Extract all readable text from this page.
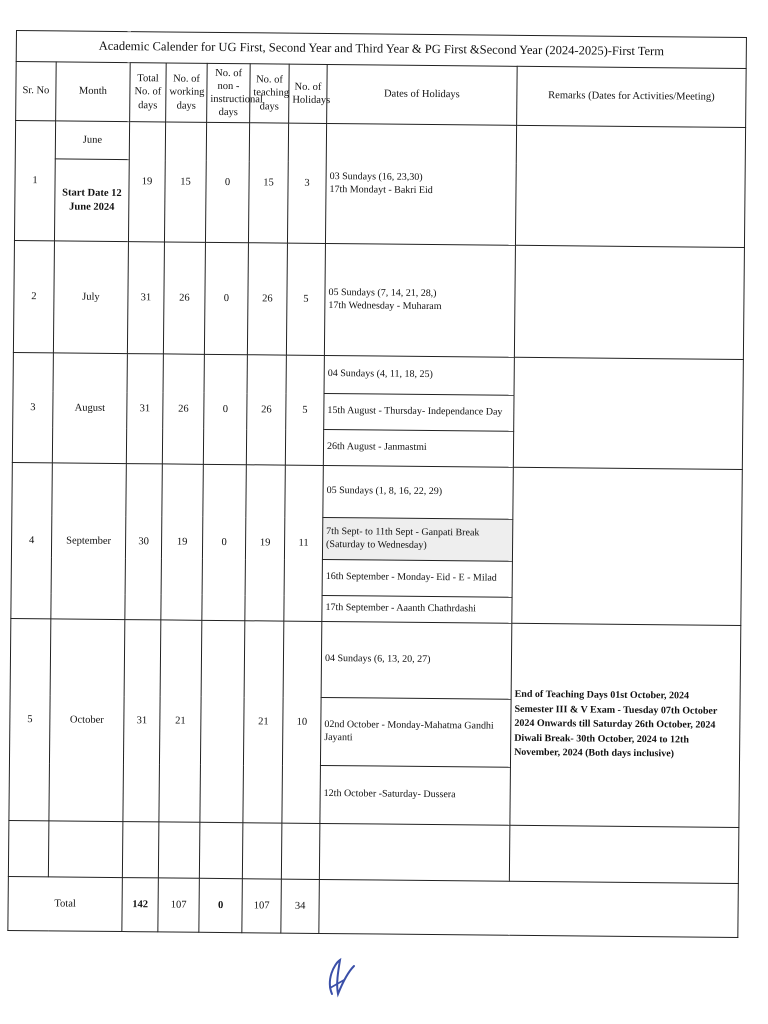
Academic Calender for UG First, Second Year and Third Year & PG First &Second Year (2024-2025)-First Term								
Sr. No	Month	Total No. of days	No. of working days	No. of non - instructional days	No. of teaching days	No. of Holidays	Dates of Holidays	Remarks (Dates for Activities/Meeting)
1	June	19	15	0	15	3	03 Sundays (16, 23,30)
17th Mondayt - Bakri Eid	

	Start Date 12 June 2024							
2	July	31	26	0	26	5	05 Sundays (7, 14, 21, 28,)
17th Wednesday - Muharam	

3	August	31	26	0	26	5	04 Sundays (4, 11, 18, 25)	
							15th August - Thursday- Independance Day	
							26th August - Janmastmi	
4	September	30	19	0	19	11	05 Sundays (1, 8, 16, 22, 29)	
							7th Sept- to 11th Sept - Ganpati Break (Saturday to Wednesday)	
							16th September - Monday- Eid - E - Milad	
							17th September - Aaanth Chathrdashi	
5	October	31	21		21	10	04 Sundays (6, 13, 20, 27)	End of Teaching Days 01st October, 2024
Semester III & V Exam - Tuesday 07th October 2024 Onwards till Saturday 26th October, 2024
Diwali Break- 30th October, 2024 to 12th November, 2024 (Both days inclusive)

							02nd October - Monday-Mahatma Gandhi Jayanti	
							12th October -Saturday- Dussera	

Total		142	107	0	107	34		
